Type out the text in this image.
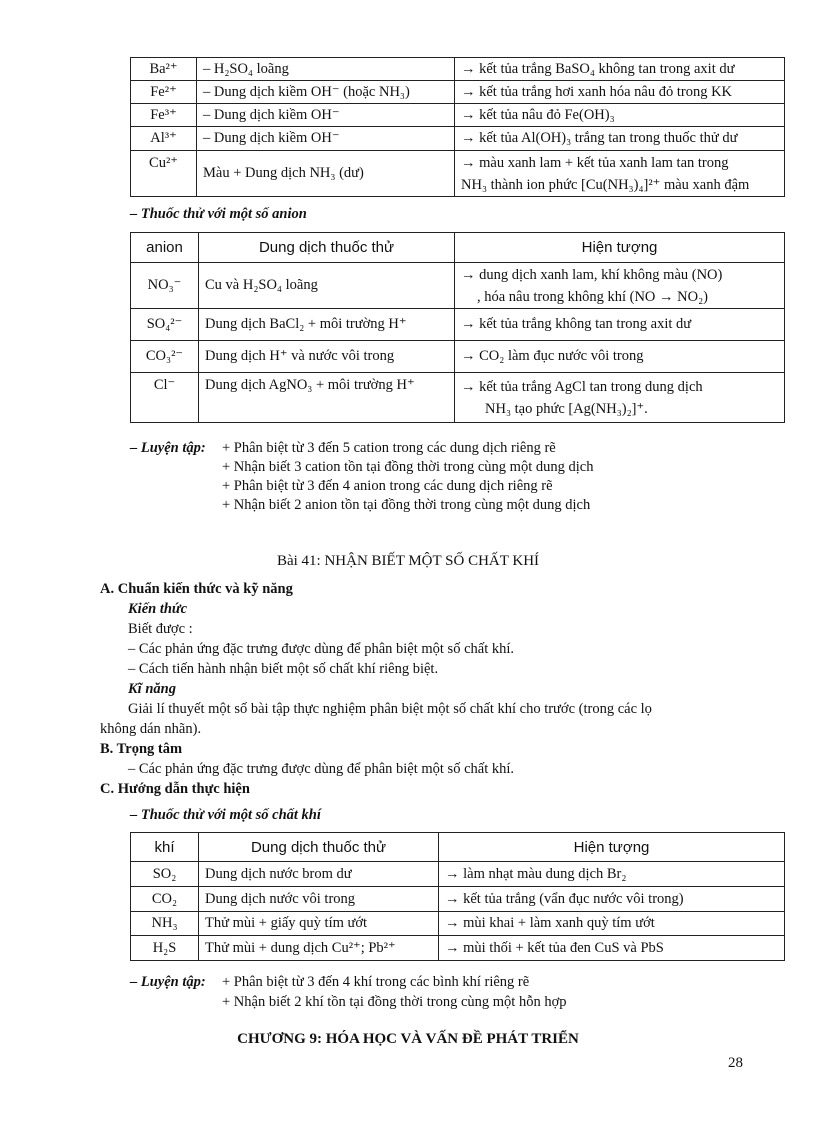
Ba²⁺	– H₂SO₄ loãng	→ kết tủa trắng BaSO₄ không tan trong axit dư
Fe²⁺	– Dung dịch kiềm OH⁻ (hoặc NH₃)	→ kết tủa trắng hơi xanh hóa nâu đỏ trong KK
Fe³⁺	– Dung dịch kiềm OH⁻	→ kết tủa nâu đỏ Fe(OH)₃
Al³⁺	– Dung dịch kiềm OH⁻	→ kết tủa Al(OH)₃ trắng tan trong thuốc thử dư
Cu²⁺	Màu + Dung dịch NH₃ (dư)	→ màu xanh lam + kết tủa xanh lam tan trong
NH₃ thành ion phức [Cu(NH₃)₄]²⁺ màu xanh đậm
– Thuốc thử với một số anion
anion	Dung dịch thuốc thử	Hiện tượng
NO₃⁻	Cu và H₂SO₄ loãng	→ dung dịch xanh lam, khí không màu (NO)
, hóa nâu trong không khí (NO → NO₂)

SO₄²⁻	Dung dịch BaCl₂ + môi trường H⁺	→ kết tủa trắng không tan trong axit dư
CO₃²⁻	Dung dịch H⁺ và nước vôi trong	→ CO₂ làm đục nước vôi trong
Cl⁻	Dung dịch AgNO₃ + môi trường H⁺	→ kết tủa trắng AgCl tan trong dung dịch
NH₃ tạo phức [Ag(NH₃)₂]⁺.
– Luyện tập: + Phân biệt từ 3 đến 5 cation trong các dung dịch riêng rẽ
+ Nhận biết 3 cation tồn tại đồng thời trong cùng một dung dịch
+ Phân biệt từ 3 đến 4 anion trong các dung dịch riêng rẽ
+ Nhận biết 2 anion tồn tại đồng thời trong cùng một dung dịch
Bài 41: NHẬN BIẾT MỘT SỐ CHẤT KHÍ
A. Chuẩn kiến thức và kỹ năng
Kiến thức
Biết được :
– Các phản ứng đặc trưng được dùng để phân biệt một số chất khí.
– Cách tiến hành nhận biết một số chất khí riêng biệt.
Kĩ năng
Giải lí thuyết một số bài tập thực nghiệm phân biệt một số chất khí cho trước (trong các lọ
không dán nhãn).
B. Trọng tâm
– Các phản ứng đặc trưng được dùng để phân biệt một số chất khí.
C. Hướng dẫn thực hiện
– Thuốc thử với một số chất khí
khí	Dung dịch thuốc thử	Hiện tượng
SO₂	Dung dịch nước brom dư	→ làm nhạt màu dung dịch Br₂
CO₂	Dung dịch nước vôi trong	→ kết tủa trắng (vẩn đục nước vôi trong)
NH₃	Thử mùi + giấy quỳ tím ướt	→ mùi khai + làm xanh quỳ tím ướt
H₂S	Thử mùi + dung dịch Cu²⁺; Pb²⁺	→ mùi thối + kết tủa đen CuS và PbS
– Luyện tập: + Phân biệt từ 3 đến 4 khí trong các bình khí riêng rẽ
+ Nhận biết 2 khí tồn tại đồng thời trong cùng một hỗn hợp
CHƯƠNG 9: HÓA HỌC VÀ VẤN ĐỀ PHÁT TRIỂN
28
